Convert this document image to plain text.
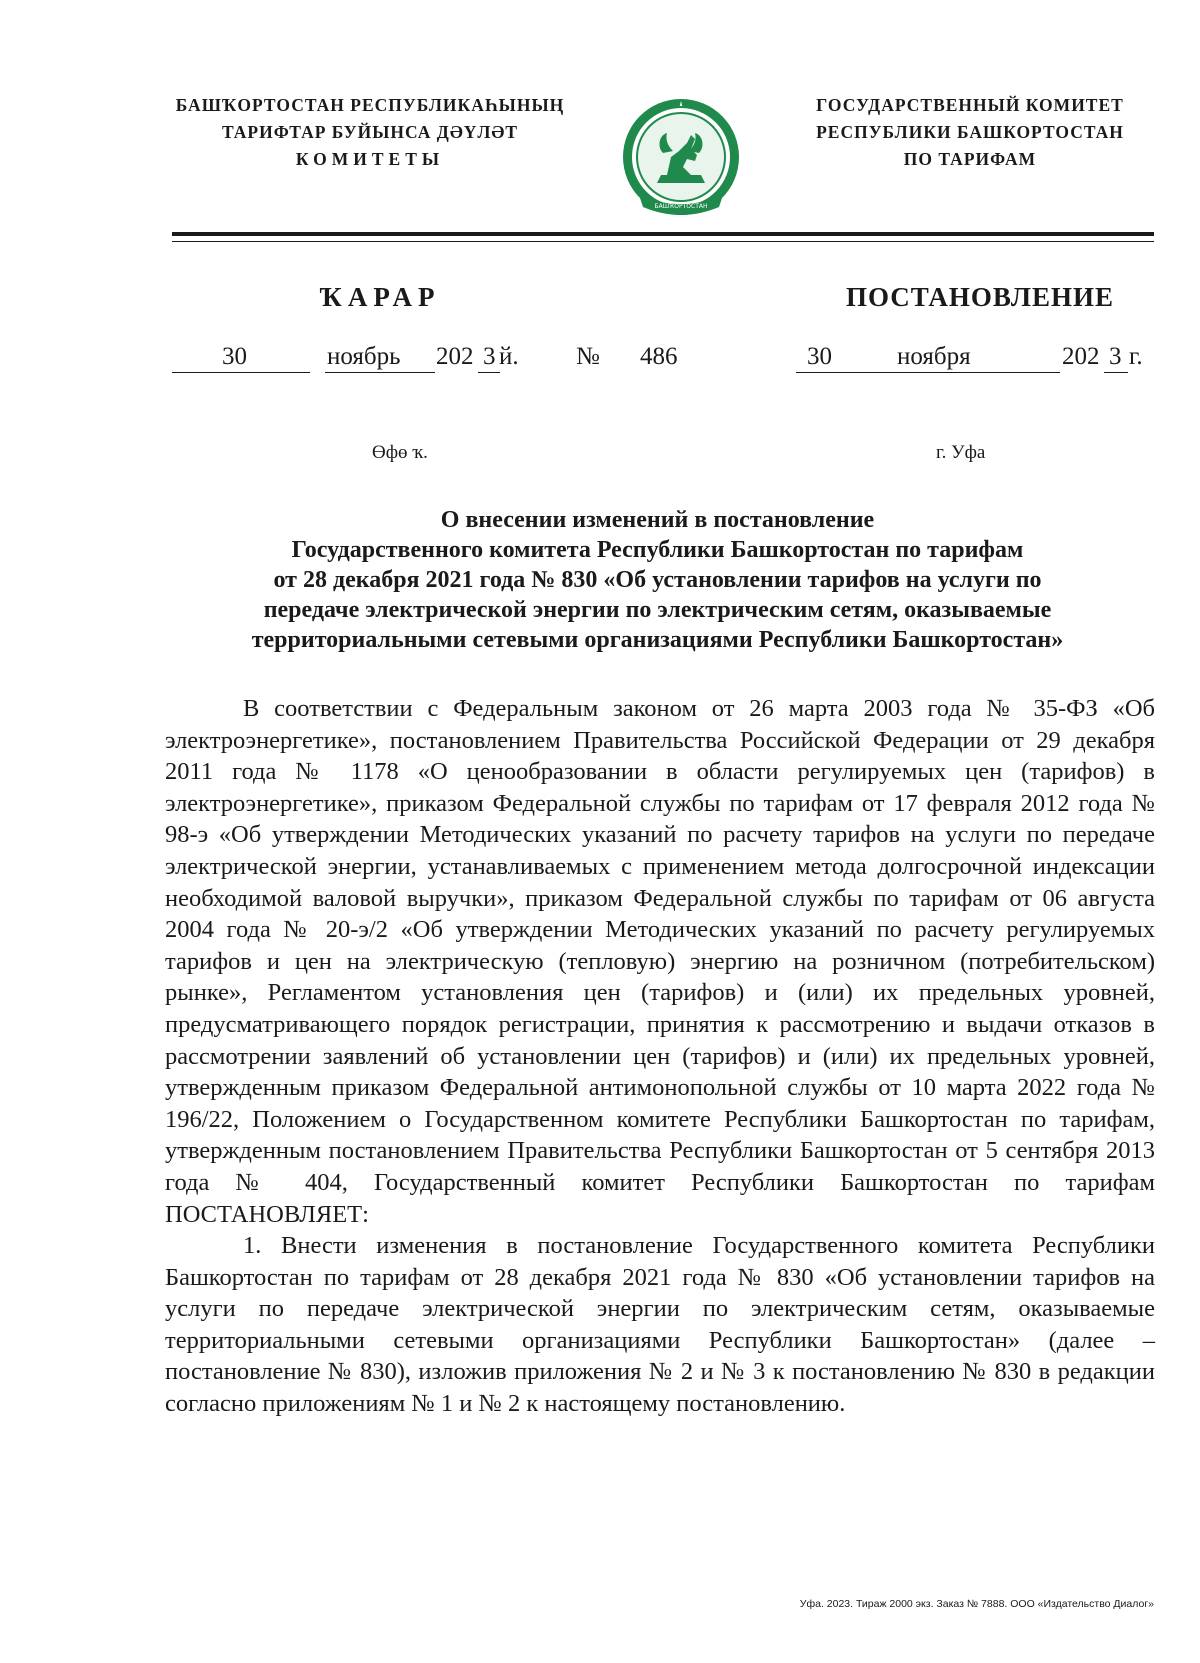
БАШҠОРТОСТАН РЕСПУБЛИКАҺЫНЫҢ
ТАРИФТАР БУЙЫНСА ДӘҮЛӘТ
КОМИТЕТЫ
БАШҠОРТОСТАН
ГОСУДАРСТВЕННЫЙ КОМИТЕТ
РЕСПУБЛИКИ БАШКОРТОСТАН
ПО ТАРИФАМ
ҠАРАР	ПОСТАНОВЛЕНИЕ
30	ноябрь 202 3 й. № 486	30	ноября	202 3 г.
Өфө ҡ.	г. Уфа
О внесении изменений в постановление
Государственного комитета Республики Башкортостан по тарифам
от 28 декабря 2021 года № 830 «Об установлении тарифов на услуги по
передаче электрической энергии по электрическим сетям, оказываемые
территориальными сетевыми организациями Республики Башкортостан»

В соответствии с Федеральным законом от 26 марта 2003 года № 35-ФЗ «Об электроэнергетике», постановлением Правительства Российской Федерации от 29 декабря 2011 года № 1178 «О ценообразовании в области регулируемых цен (тарифов) в электроэнергетике», приказом Федеральной службы по тарифам от 17 февраля 2012 года № 98-э «Об утверждении Методических указаний по расчету тарифов на услуги по передаче электрической энергии, устанавливаемых с применением метода долгосрочной индексации необходимой валовой выручки», приказом Федеральной службы по тарифам от 06 августа 2004 года № 20-э/2 «Об утверждении Методических указаний по расчету регулируемых тарифов и цен на электрическую (тепловую) энергию на розничном (потребительском) рынке», Регламентом установления цен (тарифов) и (или) их предельных уровней, предусматривающего порядок регистрации, принятия к рассмотрению и выдачи отказов в рассмотрении заявлений об установлении цен (тарифов) и (или) их предельных уровней, утвержденным приказом Федеральной антимонопольной службы от 10 марта 2022 года № 196/22, Положением о Государственном комитете Республики Башкортостан по тарифам, утвержденным постановлением Правительства Республики Башкортостан от 5 сентября 2013 года № 404, Государственный комитет Республики Башкортостан по тарифам ПОСТАНОВЛЯЕТ:

1. Внести изменения в постановление Государственного комитета Республики Башкортостан по тарифам от 28 декабря 2021 года № 830 «Об установлении тарифов на услуги по передаче электрической энергии по электрическим сетям, оказываемые территориальными сетевыми организациями Республики Башкортостан» (далее – постановление № 830), изложив приложения № 2 и № 3 к постановлению № 830 в редакции согласно приложениям № 1 и № 2 к настоящему постановлению.

Уфа. 2023. Тираж 2000 экз. Заказ № 7888. ООО «Издательство Диалог»
